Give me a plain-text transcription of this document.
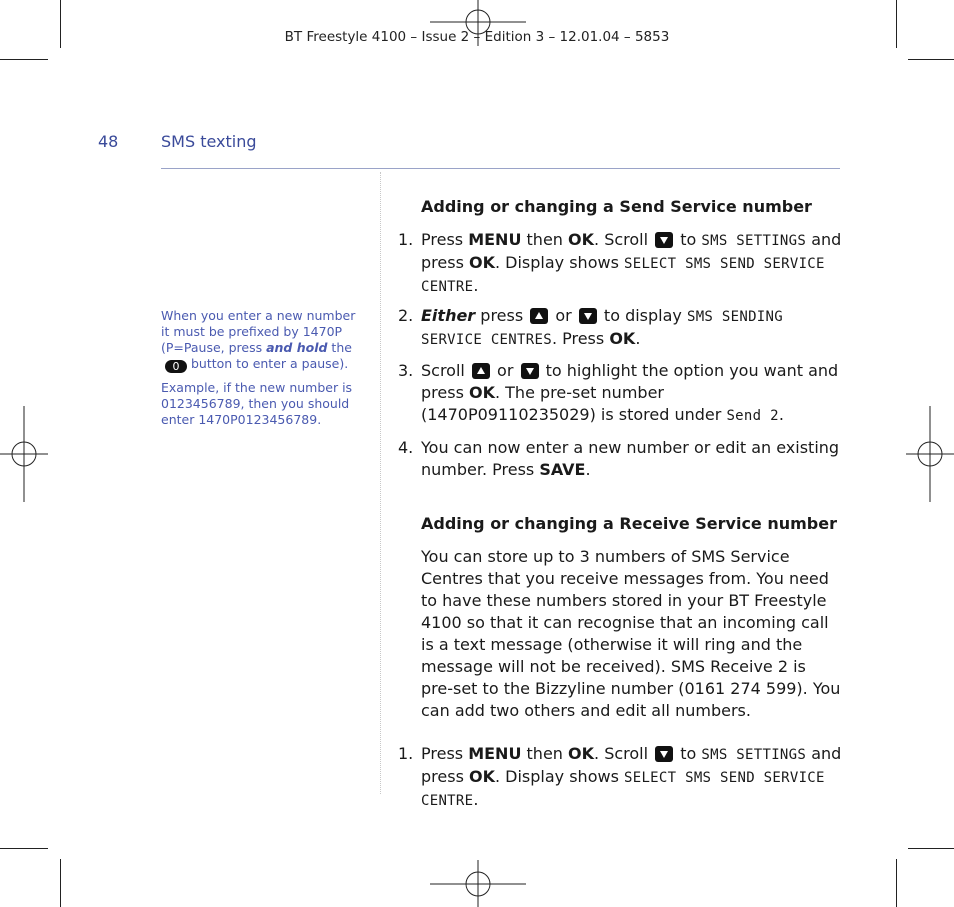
BT Freestyle 4100 – Issue 2 – Edition 3 – 12.01.04 – 5853
48	SMS texting

When you enter a new number it must be prefixed by 1470P (P=Pause, press and hold the 0 button to enter a pause).

Example, if the new number is 0123456789, then you should enter 1470P0123456789.

Adding or changing a Send Service number
1. Press MENU then OK. Scroll  to SMS SETTINGS and press OK. Display shows SELECT SMS SEND SERVICE CENTRE.
2. Either press  or  to display SMS SENDING SERVICE CENTRES. Press OK.
3. Scroll  or  to highlight the option you want and press OK. The pre-set number (1470P09110235029) is stored under Send 2.
4. You can now enter a new number or edit an existing number. Press SAVE.
Adding or changing a Receive Service number
You can store up to 3 numbers of SMS Service Centres that you receive messages from. You need to have these numbers stored in your BT Freestyle 4100 so that it can recognise that an incoming call is a text message (otherwise it will ring and the message will not be received). SMS Receive 2 is pre-set to the Bizzyline number (0161 274 599). You can add two others and edit all numbers.
1. Press MENU then OK. Scroll  to SMS SETTINGS and press OK. Display shows SELECT SMS SEND SERVICE CENTRE.
